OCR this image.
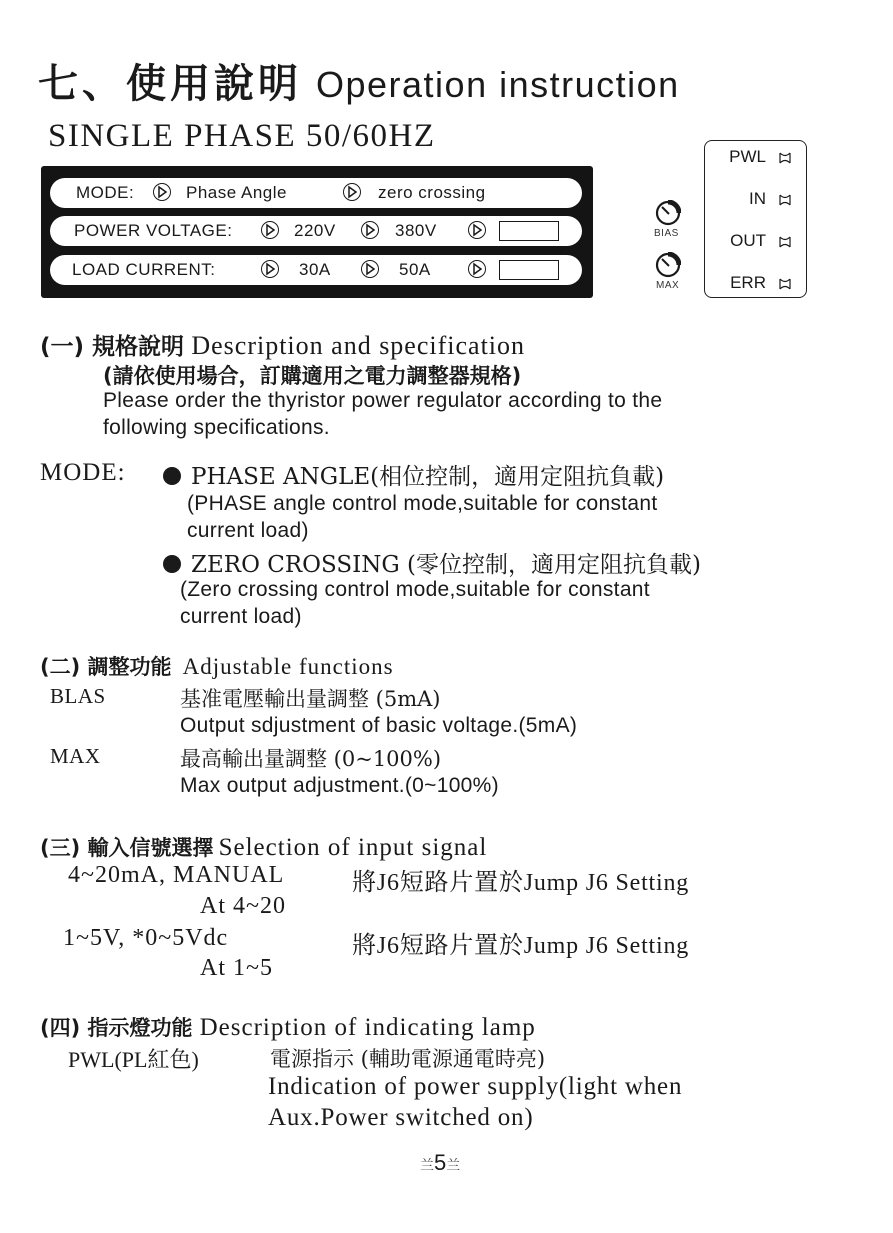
七、使用說明 Operation instruction
SINGLE PHASE 50/60HZ
MODE:	Phase Angle	zero crossing
POWER VOLTAGE:	220V	380V
LOAD CURRENT:	30A	50A
BIAS
MAX
PWL
IN
OUT
ERR
(一) 規格說明 Description and specification
(請依使用場合，訂購適用之電力調整器規格)
Please order the thyristor power regulator according to the
following specifications.
MODE:	PHASE ANGLE(相位控制，適用定阻抗負載)
(PHASE angle control mode,suitable for constant
current load)
ZERO CROSSING (零位控制，適用定阻抗負載)
(Zero crossing control mode,suitable for constant
current load)
(二) 調整功能 Adjustable functions
BLAS	基准電壓輸出量調整 (5mA)
Output sdjustment of basic voltage.(5mA)
MAX	最高輸出量調整 (0~100%)
Max output adjustment.(0~100%)
(三) 輸入信號選擇 Selection of input signal
4~20mA, MANUAL	將J6短路片置於Jump J6 Setting
At 4~20
1~5V, *0~5Vdc	將J6短路片置於Jump J6 Setting
At 1~5
(四) 指示燈功能 Description of indicating lamp
PWL(PL紅色)	電源指示 (輔助電源通電時亮)
Indication of power supply(light when
Aux.Power switched on)
兰5兰
